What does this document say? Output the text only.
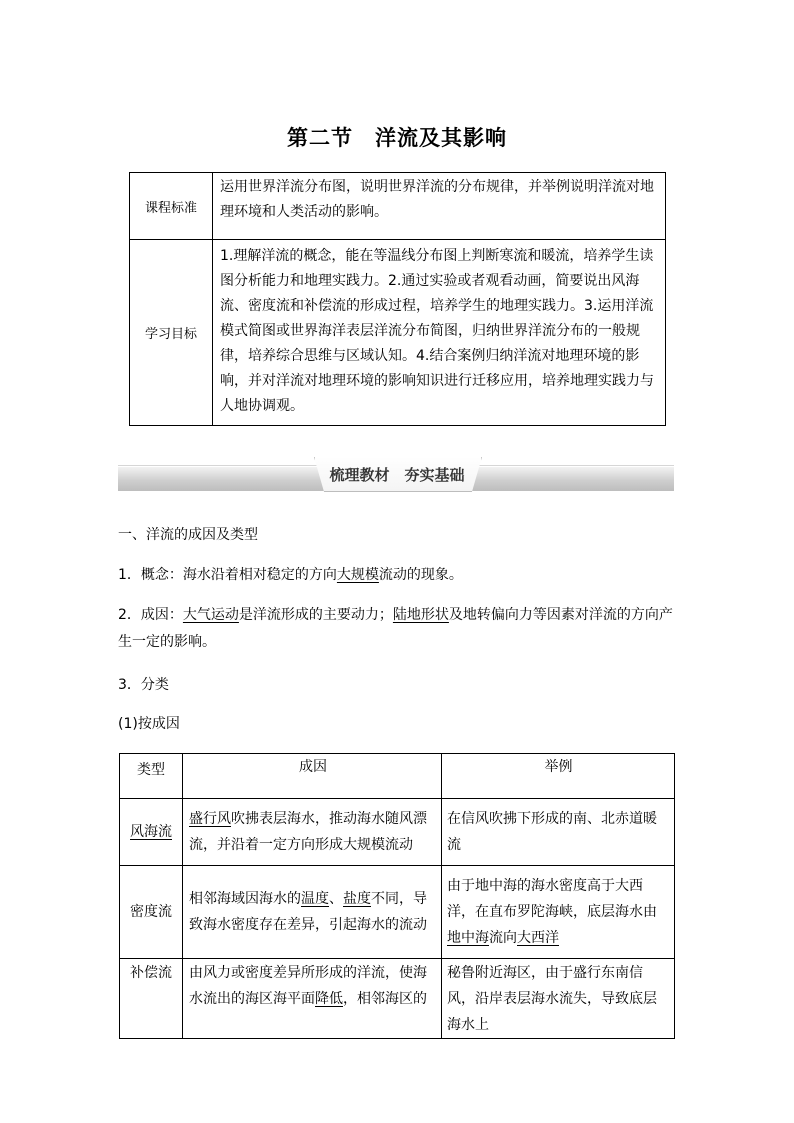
第二节　洋流及其影响
课程标准	运用世界洋流分布图，说明世界洋流的分布规律，并举例说明洋流对地理环境和人类活动的影响。
学习目标	1.理解洋流的概念，能在等温线分布图上判断寒流和暖流，培养学生读图分析能力和地理实践力。2.通过实验或者观看动画，简要说出风海流、密度流和补偿流的形成过程，培养学生的地理实践力。3.运用洋流模式简图或世界海洋表层洋流分布简图，归纳世界洋流分布的一般规律，培养综合思维与区域认知。4.结合案例归纳洋流对地理环境的影响，并对洋流对地理环境的影响知识进行迁移应用，培养地理实践力与人地协调观。
梳理教材　夯实基础
一、洋流的成因及类型
1．概念：海水沿着相对稳定的方向大规模流动的现象。
2．成因：大气运动是洋流形成的主要动力；陆地形状及地转偏向力等因素对洋流的方向产生一定的影响。
3．分类
(1)按成因
类型	成因	举例
风海流	盛行风吹拂表层海水，推动海水随风漂流，并沿着一定方向形成大规模流动	在信风吹拂下形成的南、北赤道暖流
密度流	相邻海域因海水的温度、盐度不同，导致海水密度存在差异，引起海水的流动	由于地中海的海水密度高于大西洋，在直布罗陀海峡，底层海水由地中海流向大西洋
补偿流	由风力或密度差异所形成的洋流，使海水流出的海区海平面降低，相邻海区的	秘鲁附近海区，由于盛行东南信风，沿岸表层海水流失，导致底层海水上
